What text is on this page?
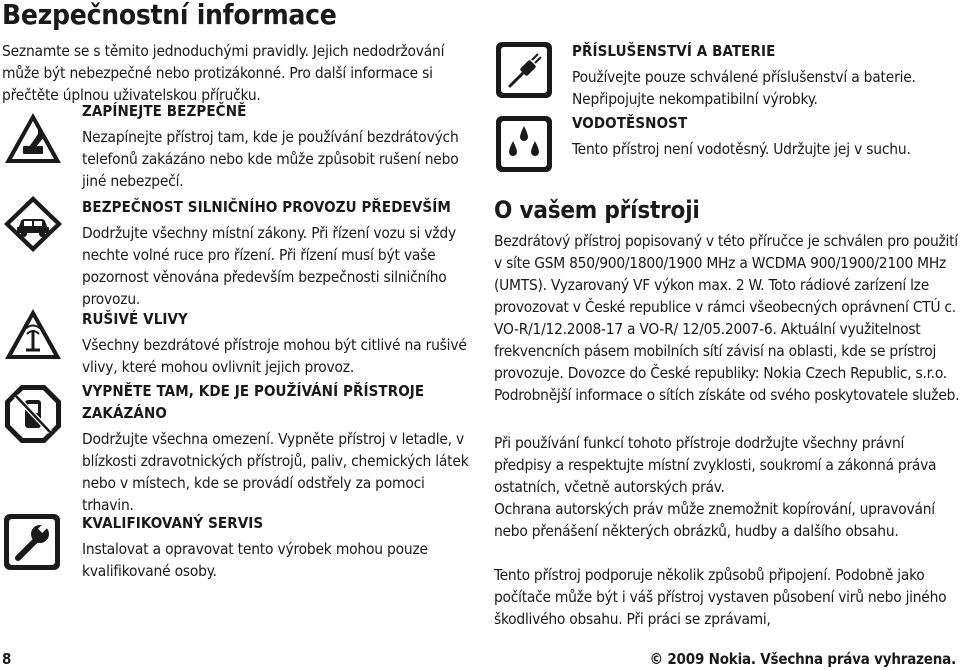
Bezpečnostní informace
Seznamte se s těmito jednoduchými pravidly. Jejich nedodržování může být nebezpečné nebo protizákonné. Pro další informace si přečtěte úplnou uživatelskou příručku.
ZAPÍNEJTE BEZPEČNĚ
Nezapínejte přístroj tam, kde je používání bezdrátových telefonů zakázáno nebo kde může způsobit rušení nebo jiné nebezpečí.
BEZPEČNOST SILNIČNÍHO PROVOZU PŘEDEVŠÍM
Dodržujte všechny místní zákony. Při řízení vozu si vždy nechte volné ruce pro řízení. Při řízení musí být vaše pozornost věnována především bezpečnosti silničního provozu.
RUŠIVÉ VLIVY
Všechny bezdrátové přístroje mohou být citlivé na rušivé vlivy, které mohou ovlivnit jejich provoz.
VYPNĚTE TAM, KDE JE POUŽÍVÁNÍ PŘÍSTROJE ZAKÁZÁNO
Dodržujte všechna omezení. Vypněte přístroj v letadle, v blízkosti zdravotnických přístrojů, paliv, chemických látek nebo v místech, kde se provádí odstřely za pomoci trhavin.
KVALIFIKOVANÝ SERVIS
Instalovat a opravovat tento výrobek mohou pouze kvalifikované osoby.
PŘÍSLUŠENSTVÍ A BATERIE
Používejte pouze schválené příslušenství a baterie. Nepřipojujte nekompatibilní výrobky.
VODOTĚSNOST
Tento přístroj není vodotěsný. Udržujte jej v suchu.
O vašem přístroji
Bezdrátový přístroj popisovaný v této příručce je schválen pro použití v síte GSM 850/900/1800/1900 MHz a WCDMA 900/1900/2100 MHz (UMTS). Vyzarovaný VF výkon max. 2 W. Toto rádiové zarízení lze provozovat v České republice v rámci všeobecných oprávnení CTÚ c. VO-R/1/12.2008-17 a VO-R/ 12/05.2007-6. Aktuální využitelnost frekvencních pásem mobilních sítí závisí na oblasti, kde se prístroj provozuje. Dovozce do České republiky: Nokia Czech Republic, s.r.o. Podrobnější informace o sítích získáte od svého poskytovatele služeb.
Při používání funkcí tohoto přístroje dodržujte všechny právní předpisy a respektujte místní zvyklosti, soukromí a zákonná práva ostatních, včetně autorských práv.
Ochrana autorských práv může znemožnit kopírování, upravování nebo přenášení některých obrázků, hudby a dalšího obsahu.
Tento přístroj podporuje několik způsobů připojení. Podobně jako počítače může být i váš přístroj vystaven působení virů nebo jiného škodlivého obsahu. Při práci se zprávami,
8	© 2009 Nokia. Všechna práva vyhrazena.
